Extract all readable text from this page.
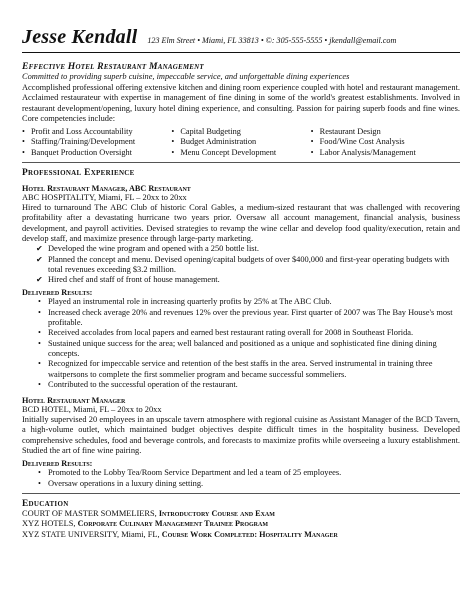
Jesse Kendall 123 Elm Street • Miami, FL 33813 • ©: 305-555-5555 • jkendall@email.com
Effective Hotel Restaurant Management
Committed to providing superb cuisine, impeccable service, and unforgettable dining experiences

Accomplished professional offering extensive kitchen and dining room experience coupled with hotel and restaurant management. Acclaimed restaurateur with expertise in management of fine dining in some of the world's greatest establishments. Involved in restaurant development/opening, luxury hotel dining experience, and consulting. Passion for pairing superb foods and fine wines. Core competencies include:

• Profit and Loss Accountability
• Staffing/Training/Development
• Banquet Production Oversight
• Capital Budgeting
• Budget Administration
• Menu Concept Development
• Restaurant Design
• Food/Wine Cost Analysis
• Labor Analysis/Management
Professional Experience
Hotel Restaurant Manager, ABC Restaurant
ABC HOSPITALITY, Miami, FL – 20xx to 20xx

Hired to turnaround The ABC Club of historic Coral Gables, a medium-sized restaurant that was challenged with recovering profitability after a devastating hurricane two years prior. Oversaw all account management, financial analysis, business development, and payroll activities. Devised strategies to revamp the wine cellar and develop food quality/execution, retain and develop staff, and maximize presence through large-party marketing.

✔ Developed the wine program and opened with a 250 bottle list.
✔ Planned the concept and menu. Devised opening/capital budgets of over $400,000 and first-year operating budgets with total revenues exceeding $3.2 million.
✔ Hired chef and staff of front of house management.
Delivered Results:
• Played an instrumental role in increasing quarterly profits by 25% at The ABC Club.
• Increased check average 20% and revenues 12% over the previous year. First quarter of 2007 was The Bay House's most profitable.
• Received accolades from local papers and earned best restaurant rating overall for 2008 in Southeast Florida.
• Sustained unique success for the area; well balanced and positioned as a unique and sophisticated fine dining dining concepts.
• Recognized for impeccable service and retention of the best staffs in the area. Served instrumental in training three waitpersons to complete the first sommelier program and became successful sommeliers.
• Contributed to the successful operation of the restaurant.
Hotel Restaurant Manager
BCD HOTEL, Miami, FL – 20xx to 20xx

Initially supervised 20 employees in an upscale tavern atmosphere with regional cuisine as Assistant Manager of the BCD Tavern, a high-volume outlet, which maintained budget objectives despite difficult times in the hospitality business. Developed comprehensive schedules, food and beverage controls, and forecasts to maximize profits while overseeing a luxury establishment. Studied the art of fine wine pairing.

Delivered Results:
• Promoted to the Lobby Tea/Room Service Department and led a team of 25 employees.
• Oversaw operations in a luxury dining setting.
Education
COURT OF MASTER SOMMELIERS, Introductory Course and Exam
XYZ HOTELS, Corporate Culinary Management Trainee Program
XYZ STATE UNIVERSITY, Miami, FL, Course Work Completed: Hospitality Manager
